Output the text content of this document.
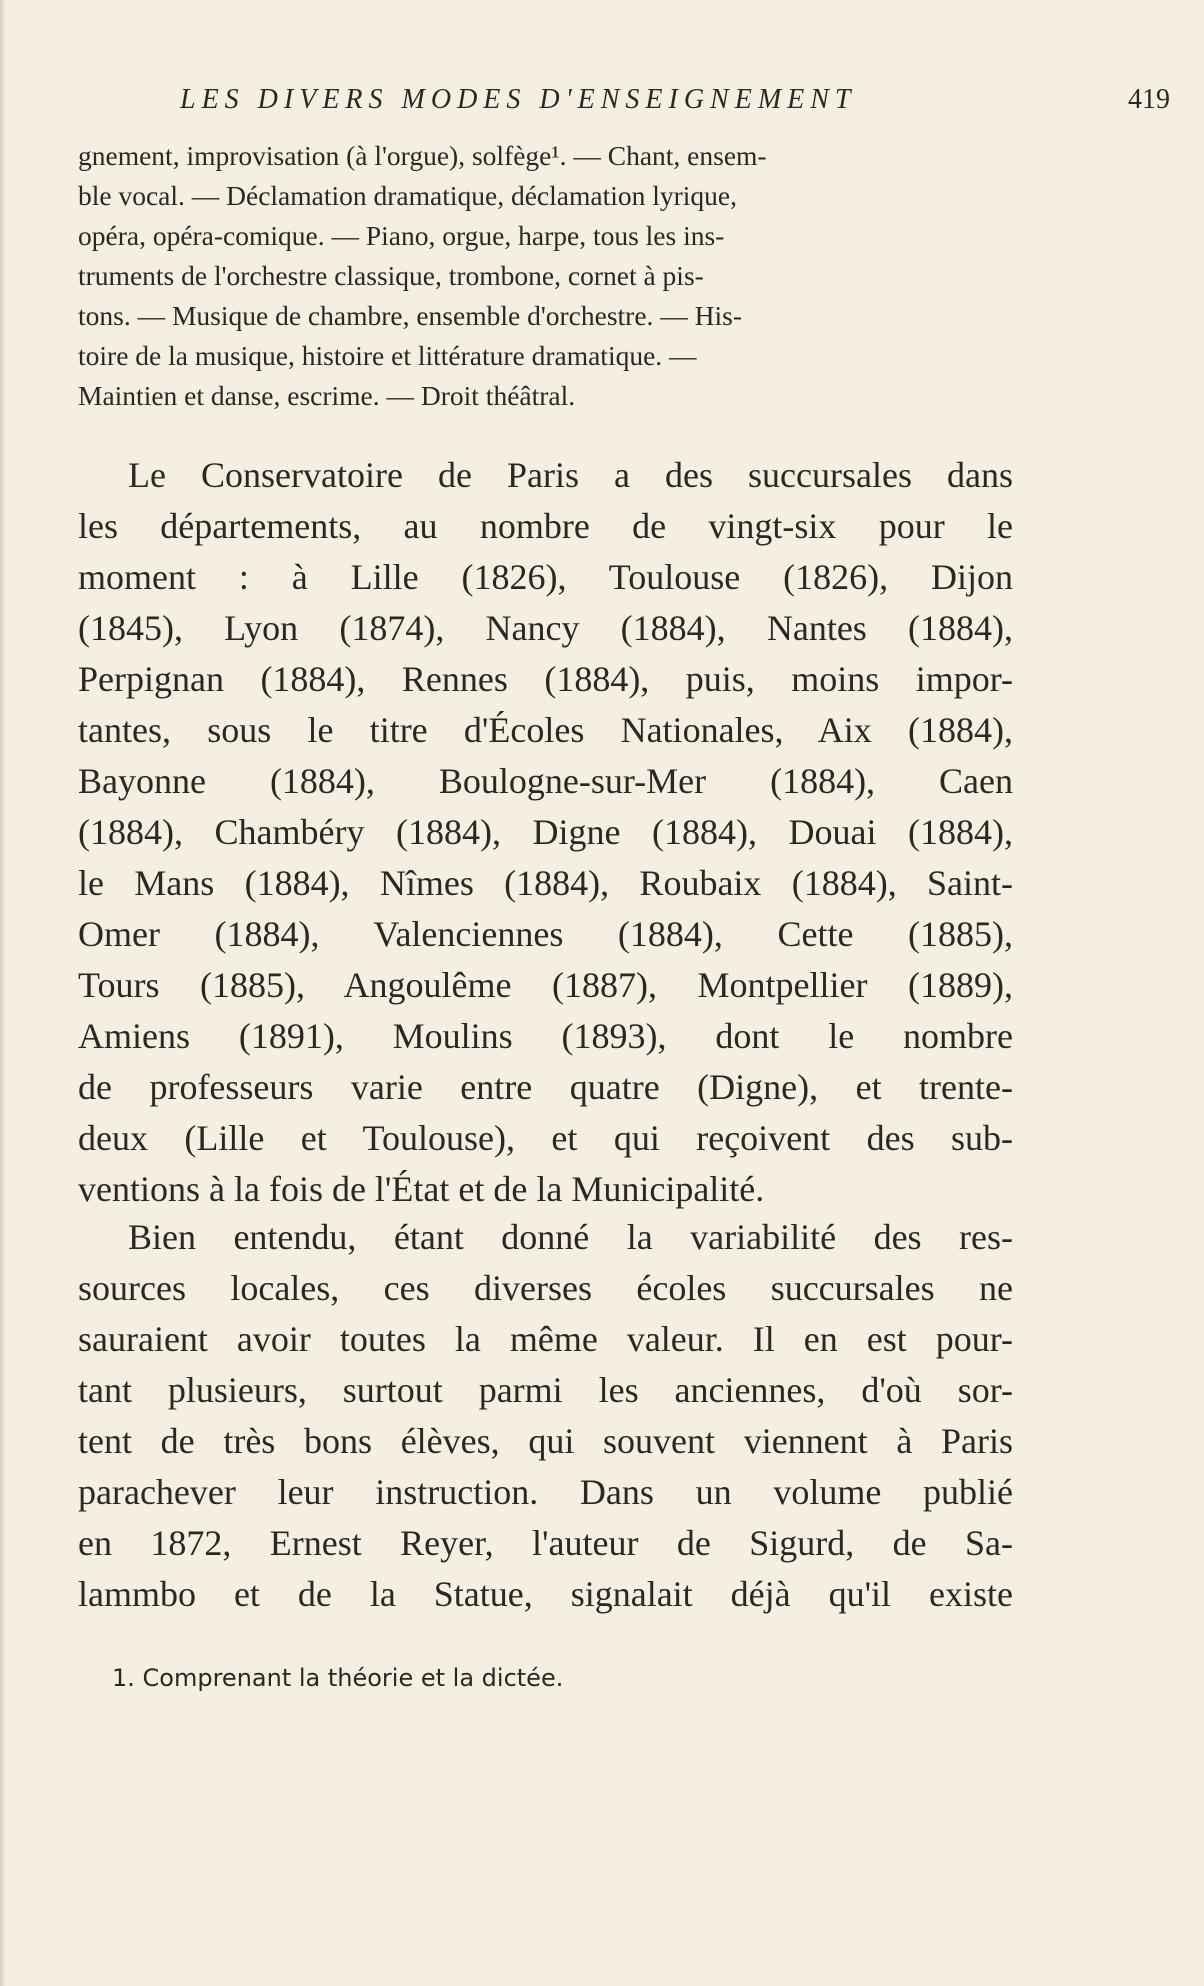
LES DIVERS MODES D'ENSEIGNEMENT	419
gnement, improvisation (à l'orgue), solfège¹. — Chant, ensem-
ble vocal. — Déclamation dramatique, déclamation lyrique,
opéra, opéra-comique. — Piano, orgue, harpe, tous les ins-
truments de l'orchestre classique, trombone, cornet à pis-
tons. — Musique de chambre, ensemble d'orchestre. — His-
toire de la musique, histoire et littérature dramatique. —
Maintien et danse, escrime. — Droit théâtral.
Le Conservatoire de Paris a des succursales dans
les départements, au nombre de vingt-six pour le
moment : à Lille (1826), Toulouse (1826), Dijon
(1845), Lyon (1874), Nancy (1884), Nantes (1884),
Perpignan (1884), Rennes (1884), puis, moins impor-
tantes, sous le titre d'Écoles Nationales, Aix (1884),
Bayonne (1884), Boulogne-sur-Mer (1884), Caen
(1884), Chambéry (1884), Digne (1884), Douai (1884),
le Mans (1884), Nîmes (1884), Roubaix (1884), Saint-
Omer (1884), Valenciennes (1884), Cette (1885),
Tours (1885), Angoulême (1887), Montpellier (1889),
Amiens (1891), Moulins (1893), dont le nombre
de professeurs varie entre quatre (Digne), et trente-
deux (Lille et Toulouse), et qui reçoivent des sub-
ventions à la fois de l'État et de la Municipalité.
Bien entendu, étant donné la variabilité des res-
sources locales, ces diverses écoles succursales ne
sauraient avoir toutes la même valeur. Il en est pour-
tant plusieurs, surtout parmi les anciennes, d'où sor-
tent de très bons élèves, qui souvent viennent à Paris
parachever leur instruction. Dans un volume publié
en 1872, Ernest Reyer, l'auteur de Sigurd, de Sa-
lammbo et de la Statue, signalait déjà qu'il existe
1. Comprenant la théorie et la dictée.
